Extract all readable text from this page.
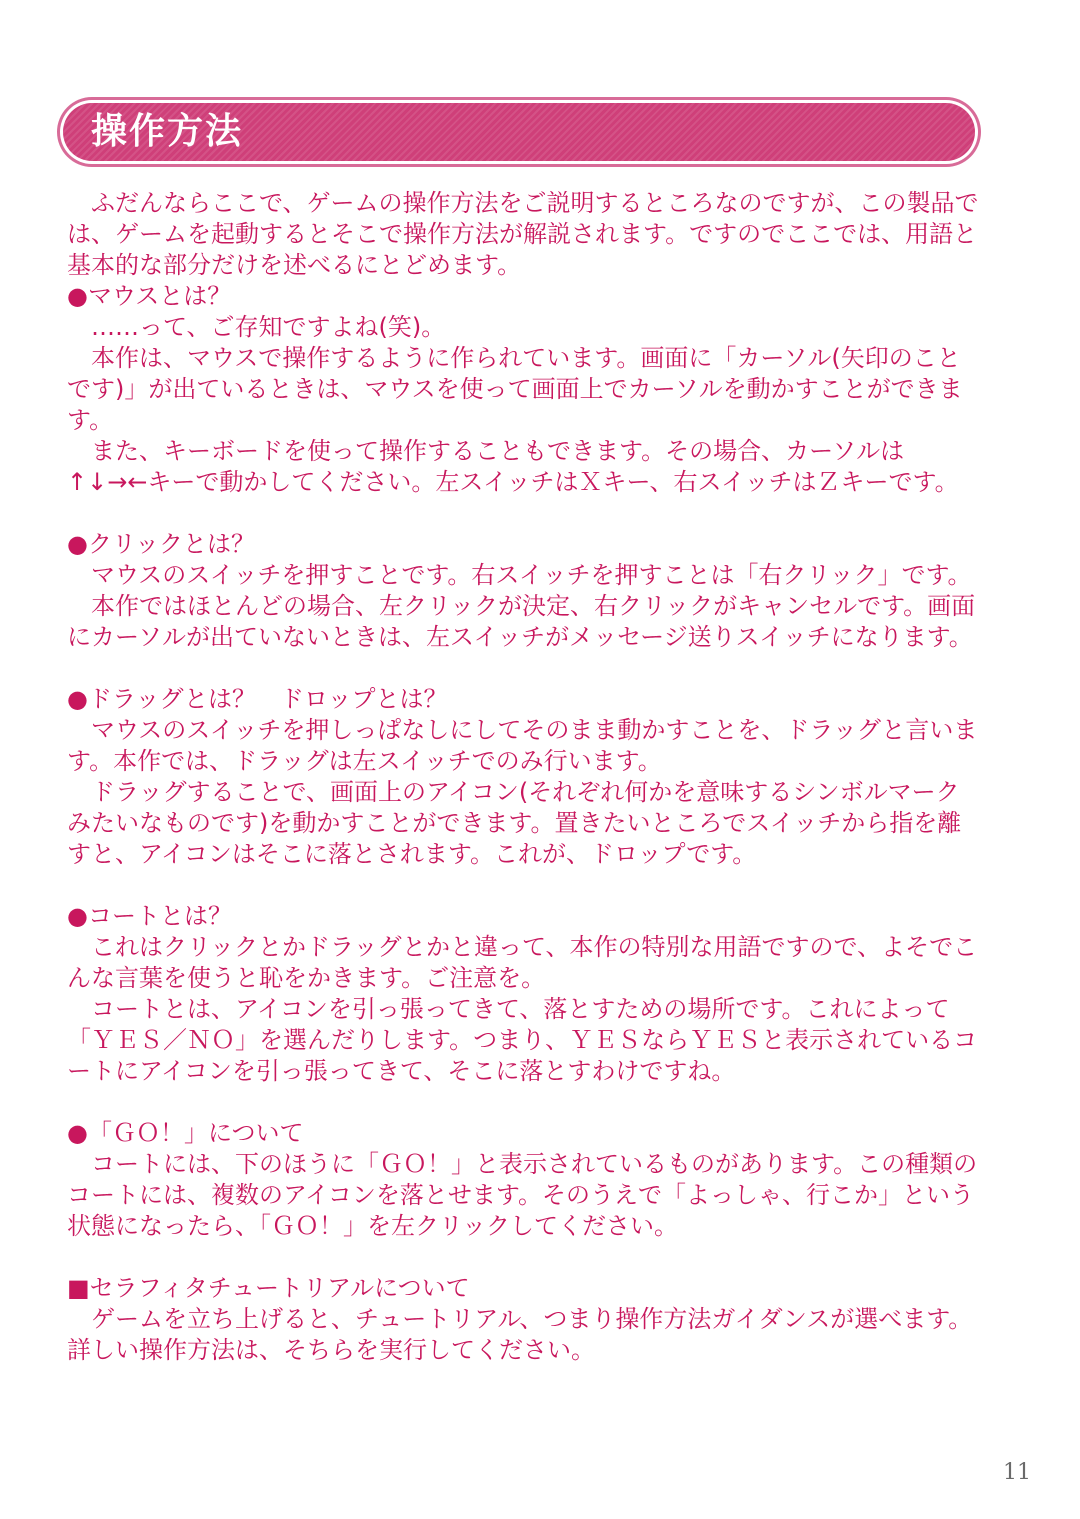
操作方法

ふだんならここで、ゲームの操作方法をご説明するところなのですが、この製品では、ゲームを起動するとそこで操作方法が解説されます。ですのでここでは、用語と基本的な部分だけを述べるにとどめます。

●マウスとは？

……って、ご存知ですよね(笑)。

本作は、マウスで操作するように作られています。画面に「カーソル(矢印のことです)」が出ているときは、マウスを使って画面上でカーソルを動かすことができます。

また、キーボードを使って操作することもできます。その場合、カーソルは↑↓→←キーで動かしてください。左スイッチはＸキー、右スイッチはＺキーです。

●クリックとは？

マウスのスイッチを押すことです。右スイッチを押すことは「右クリック」です。

本作ではほとんどの場合、左クリックが決定、右クリックがキャンセルです。画面にカーソルが出ていないときは、左スイッチがメッセージ送りスイッチになります。

●ドラッグとは？　ドロップとは？

マウスのスイッチを押しっぱなしにしてそのまま動かすことを、ドラッグと言います。本作では、ドラッグは左スイッチでのみ行います。

ドラッグすることで、画面上のアイコン(それぞれ何かを意味するシンボルマークみたいなものです)を動かすことができます。置きたいところでスイッチから指を離すと、アイコンはそこに落とされます。これが、ドロップです。

●コートとは？

これはクリックとかドラッグとかと違って、本作の特別な用語ですので、よそでこんな言葉を使うと恥をかきます。ご注意を。

コートとは、アイコンを引っ張ってきて、落とすための場所です。これによって「ＹＥＳ／ＮＯ」を選んだりします。つまり、ＹＥＳならＹＥＳと表示されているコートにアイコンを引っ張ってきて、そこに落とすわけですね。

●「ＧＯ！」について

コートには、下のほうに「ＧＯ！」と表示されているものがあります。この種類のコートには、複数のアイコンを落とせます。そのうえで「よっしゃ、行こか」という状態になったら、「ＧＯ！」を左クリックしてください。

■セラフィタチュートリアルについて

ゲームを立ち上げると、チュートリアル、つまり操作方法ガイダンスが選べます。詳しい操作方法は、そちらを実行してください。

11
